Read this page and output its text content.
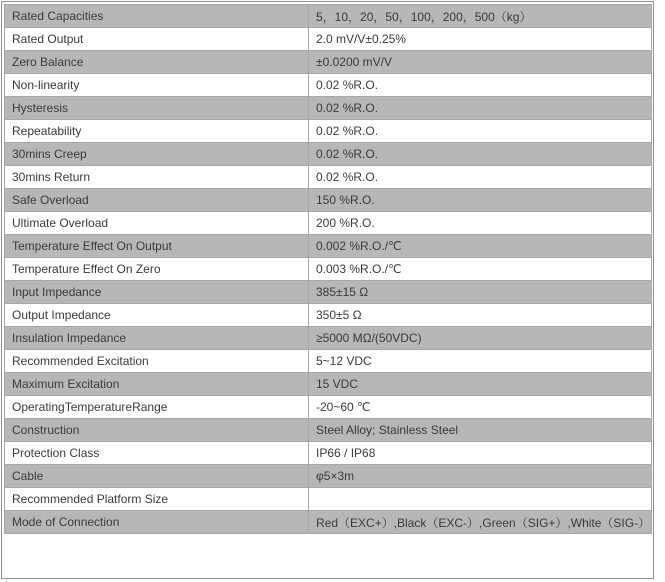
Rated Capacities	5，10，20，50，100，200，500（kg）
Rated Output	2.0 mV/V±0.25%
Zero Balance	±0.0200 mV/V
Non-linearity	0.02 %R.O.
Hysteresis	0.02 %R.O.
Repeatability	0.02 %R.O.
30mins Creep	0.02 %R.O.
30mins Return	0.02 %R.O.
Safe Overload	150 %R.O.
Ultimate Overload	200 %R.O.
Temperature Effect On Output	0.002 %R.O./℃
Temperature Effect On Zero	0.003 %R.O./℃
Input Impedance	385±15 Ω
Output Impedance	350±5 Ω
Insulation Impedance	≥5000 MΩ/(50VDC)
Recommended Excitation	5~12 VDC
Maximum Excitation	15 VDC
OperatingTemperatureRange	-20~60 ℃
Construction	Steel Alloy; Stainless Steel
Protection Class	IP66 / IP68
Cable	φ5×3m
Recommended Platform Size	
Mode of Connection	Red（EXC+）,Black（EXC-）,Green（SIG+）,White（SIG-）
